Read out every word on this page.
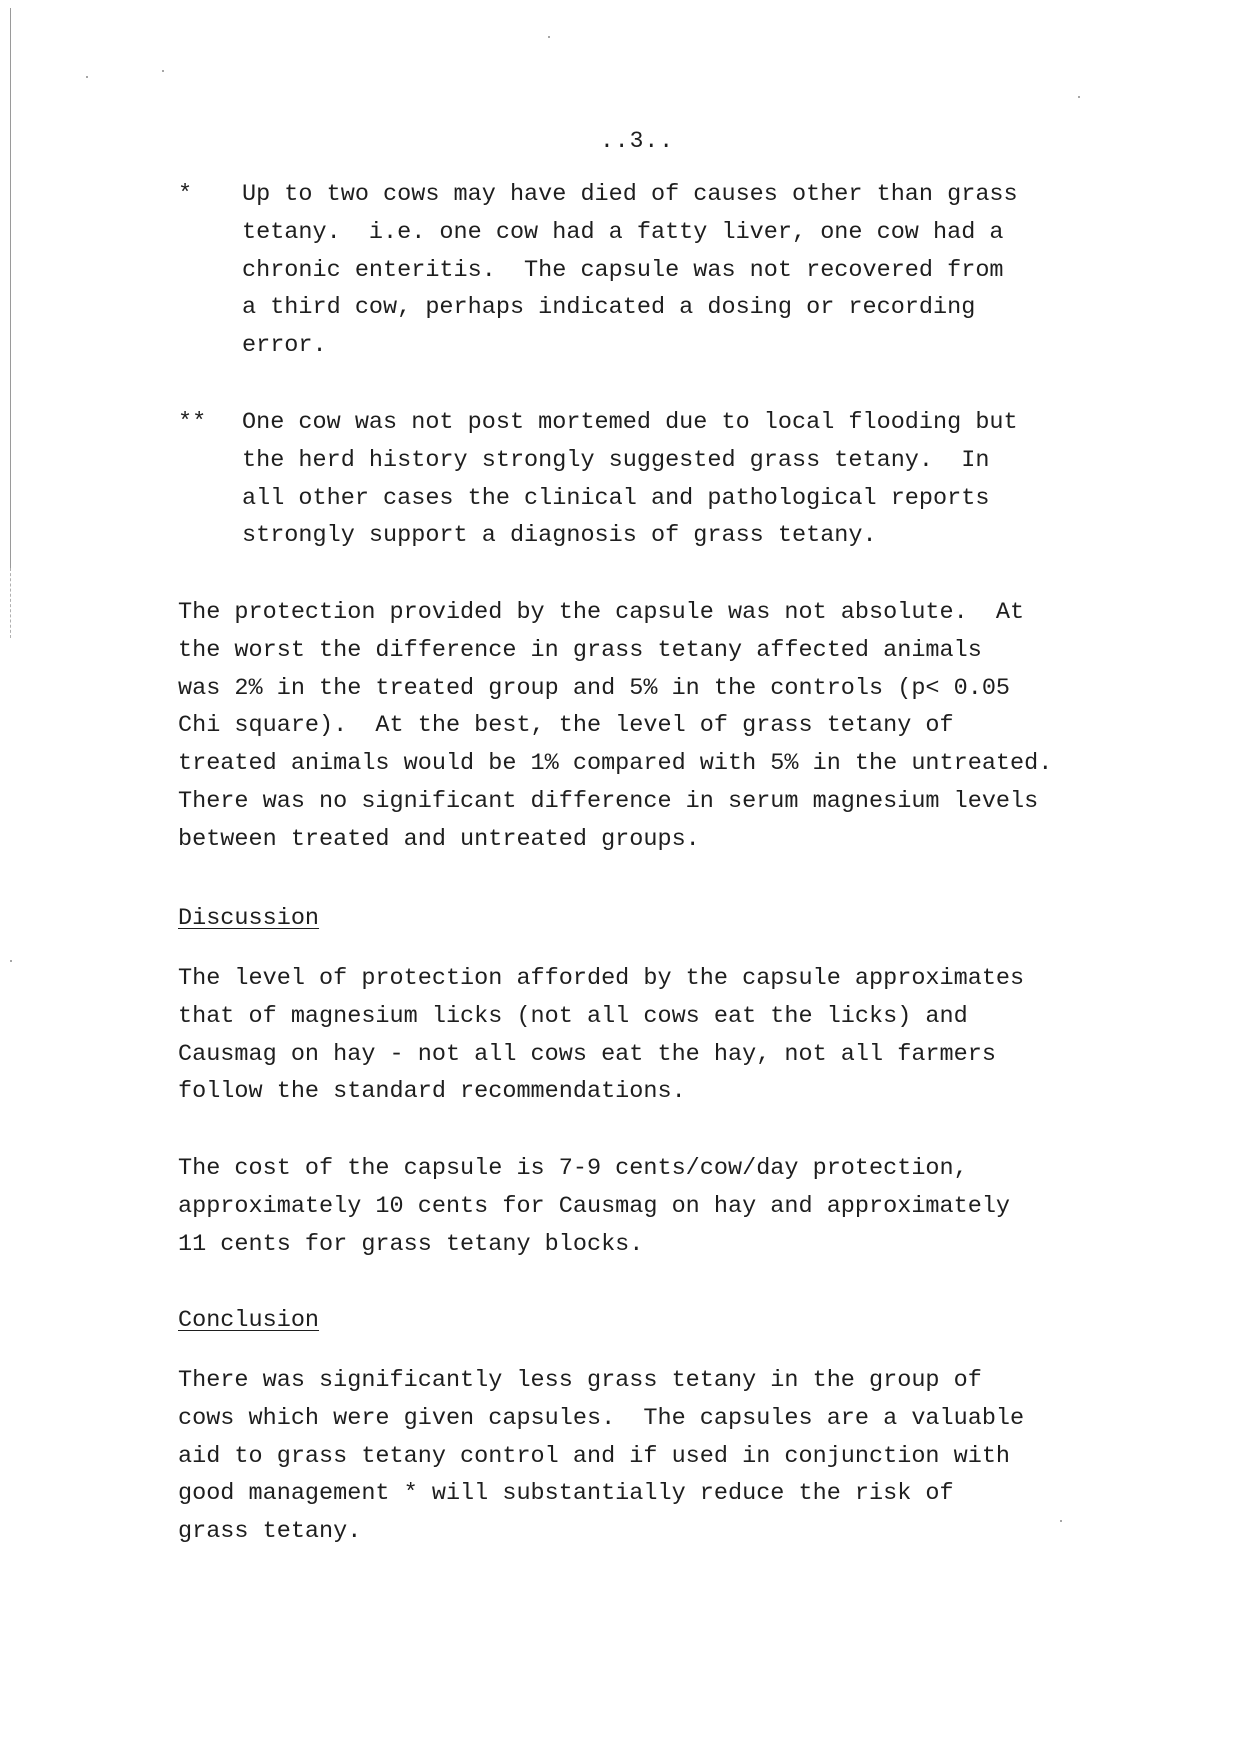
..3..
* Up to two cows may have died of causes other than grass
tetany.  i.e. one cow had a fatty liver, one cow had a
chronic enteritis.  The capsule was not recovered from
a third cow, perhaps indicated a dosing or recording
error.
** One cow was not post mortemed due to local flooding but
the herd history strongly suggested grass tetany.  In
all other cases the clinical and pathological reports
strongly support a diagnosis of grass tetany.
The protection provided by the capsule was not absolute.  At
the worst the difference in grass tetany affected animals
was 2% in the treated group and 5% in the controls (p< 0.05
Chi square).  At the best, the level of grass tetany of
treated animals would be 1% compared with 5% in the untreated.
There was no significant difference in serum magnesium levels
between treated and untreated groups.
Discussion
The level of protection afforded by the capsule approximates
that of magnesium licks (not all cows eat the licks) and
Causmag on hay - not all cows eat the hay, not all farmers
follow the standard recommendations.
The cost of the capsule is 7-9 cents/cow/day protection,
approximately 10 cents for Causmag on hay and approximately
11 cents for grass tetany blocks.
Conclusion
There was significantly less grass tetany in the group of
cows which were given capsules.  The capsules are a valuable
aid to grass tetany control and if used in conjunction with
good management * will substantially reduce the risk of
grass tetany.
